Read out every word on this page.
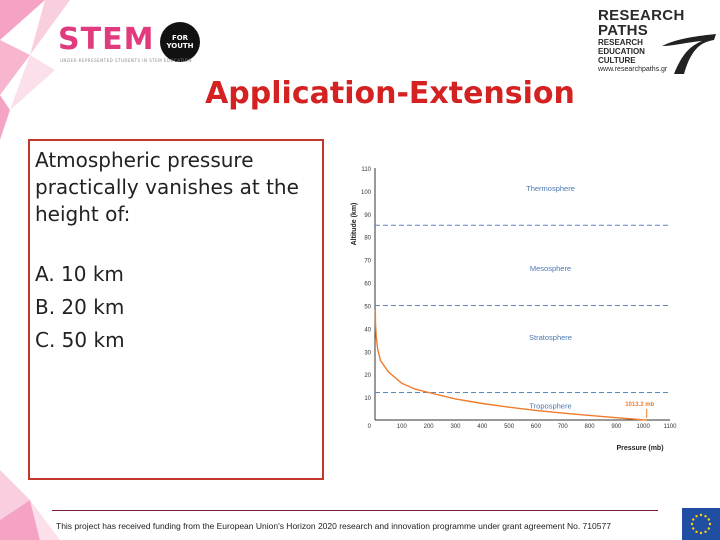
STEM	FOR
YOUTH
UNDER-REPRESENTED STUDENTS IN STEM EDUCATION
RESEARCH
PATHS
RESEARCH
EDUCATION
CULTURE
www.researchpaths.gr
Application-Extension

Atmospheric pressure

practically vanishes at the

height of:

A. 10 km

B. 20 km

C. 50 km

10
20
30
40
50
60
70
80
90
100
110
0	100	200	300	400	500	600	700	800	900	1000 1100
Altitude (km)
Pressure (mb)
Thermosphere
Mesosphere
Stratosphere
Troposphere	1013.2 mb
This project has received funding from the European Union's Horizon 2020 research and innovation programme under grant agreement No. 710577
